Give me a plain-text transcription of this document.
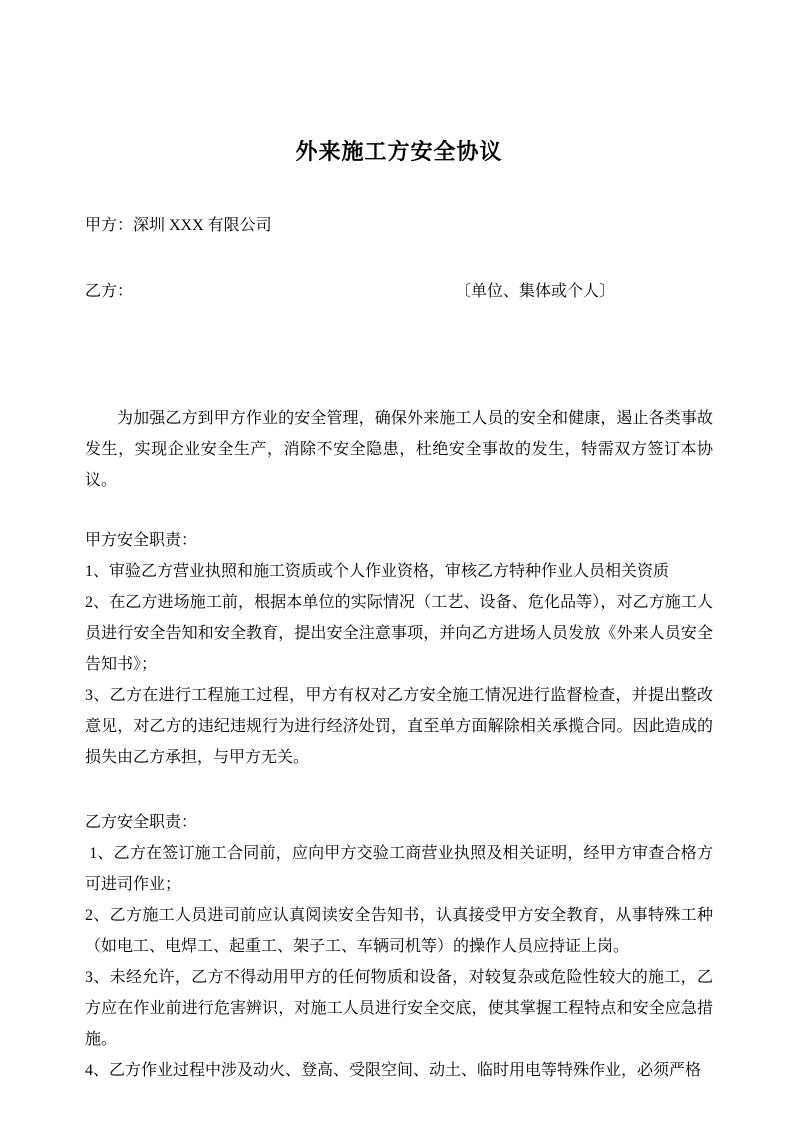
外来施工方安全协议
甲方：深圳 XXX 有限公司
乙方：	〔单位、集体或个人〕

为加强乙方到甲方作业的安全管理，确保外来施工人员的安全和健康，遏止各类事故发生，实现企业安全生产，消除不安全隐患，杜绝安全事故的发生，特需双方签订本协议。

甲方安全职责：

1、审验乙方营业执照和施工资质或个人作业资格，审核乙方特种作业人员相关资质

2、在乙方进场施工前，根据本单位的实际情况（工艺、设备、危化品等），对乙方施工人员进行安全告知和安全教育，提出安全注意事项，并向乙方进场人员发放《外来人员安全告知书》；

3、乙方在进行工程施工过程，甲方有权对乙方安全施工情况进行监督检查，并提出整改意见，对乙方的违纪违规行为进行经济处罚，直至单方面解除相关承揽合同。因此造成的损失由乙方承担，与甲方无关。

乙方安全职责：

1、乙方在签订施工合同前，应向甲方交验工商营业执照及相关证明，经甲方审查合格方可进司作业；

2、乙方施工人员进司前应认真阅读安全告知书，认真接受甲方安全教育，从事特殊工种（如电工、电焊工、起重工、架子工、车辆司机等）的操作人员应持证上岗。

3、未经允许，乙方不得动用甲方的任何物质和设备，对较复杂或危险性较大的施工，乙方应在作业前进行危害辨识，对施工人员进行安全交底，使其掌握工程特点和安全应急措施。

4、乙方作业过程中涉及动火、登高、受限空间、动土、临时用电等特殊作业，必须严格
